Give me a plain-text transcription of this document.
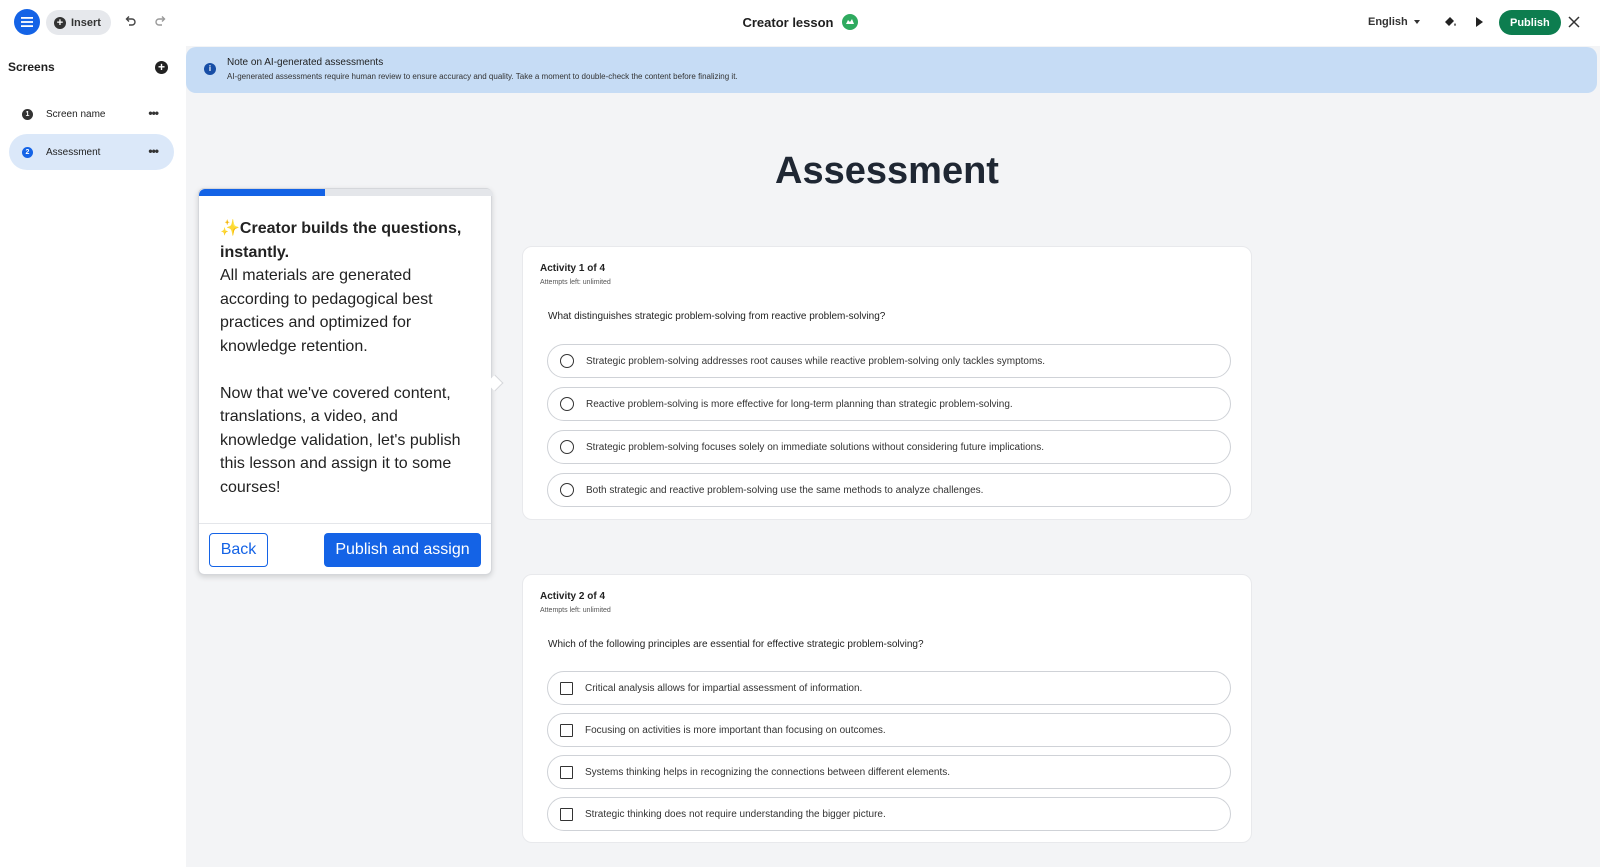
+ Insert	Creator lesson	English	Publish
Screens	+
1	Screen name	•••
2	Assessment	•••
i
Note on AI-generated assessments
AI-generated assessments require human review to ensure accuracy and quality. Take a moment to double-check the content before finalizing it.
Assessment
Activity 1 of 4
Attempts left: unlimited
What distinguishes strategic problem-solving from reactive problem-solving?
Strategic problem-solving addresses root causes while reactive problem-solving only tackles symptoms.
Reactive problem-solving is more effective for long-term planning than strategic problem-solving.
Strategic problem-solving focuses solely on immediate solutions without considering future implications.
Both strategic and reactive problem-solving use the same methods to analyze challenges.
Activity 2 of 4
Attempts left: unlimited
Which of the following principles are essential for effective strategic problem-solving?
Critical analysis allows for impartial assessment of information.
Focusing on activities is more important than focusing on outcomes.
Systems thinking helps in recognizing the connections between different elements.
Strategic thinking does not require understanding the bigger picture.

✨Creator builds the questions, instantly.

All materials are generated according to pedagogical best practices and optimized for knowledge retention.

Now that we've covered content, translations, a video, and knowledge validation, let's publish this lesson and assign it to some courses!

Back	Publish and assign
